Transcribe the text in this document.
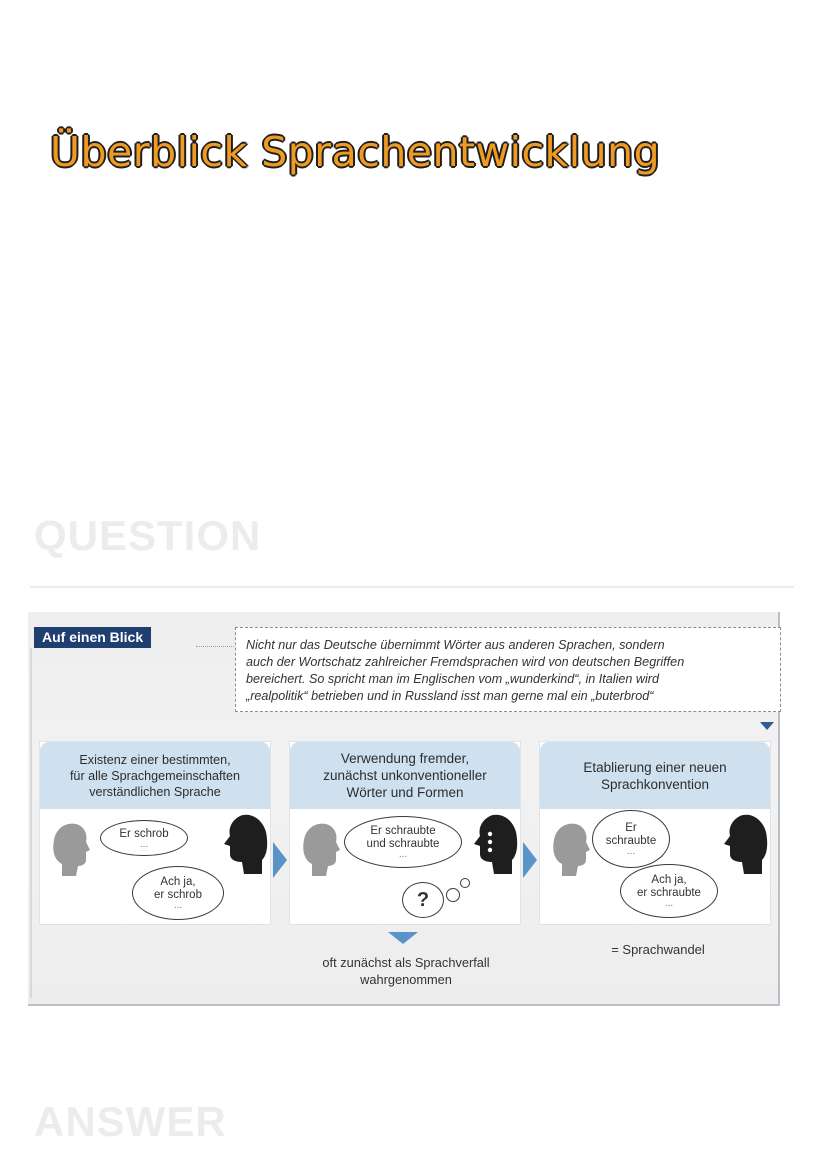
Überblick Sprachentwicklung
QUESTION
Auf einen Blick	Nicht nur das Deutsche übernimmt Wörter aus anderen Sprachen, sondern
auch der Wortschatz zahlreicher Fremdsprachen wird von deutschen Begriffen
bereichert. So spricht man im Englischen vom „wunderkind“, in Italien wird
„realpolitik“ betrieben und in Russland isst man gerne mal ein „buterbrod“
Existenz einer bestimmten,
für alle Sprachgemeinschaften
verständlichen Sprache
Er schrob
...
Ach ja,
er schrob
...
Verwendung fremder,
zunächst unkonventioneller
Wörter und Formen
Er schraubte
und schraubte
...
?
Etablierung einer neuen
Sprachkonvention
Er
schraubte
...
Ach ja,
er schraubte
...
oft zunächst als Sprachverfall
wahrgenommen
= Sprachwandel
ANSWER
